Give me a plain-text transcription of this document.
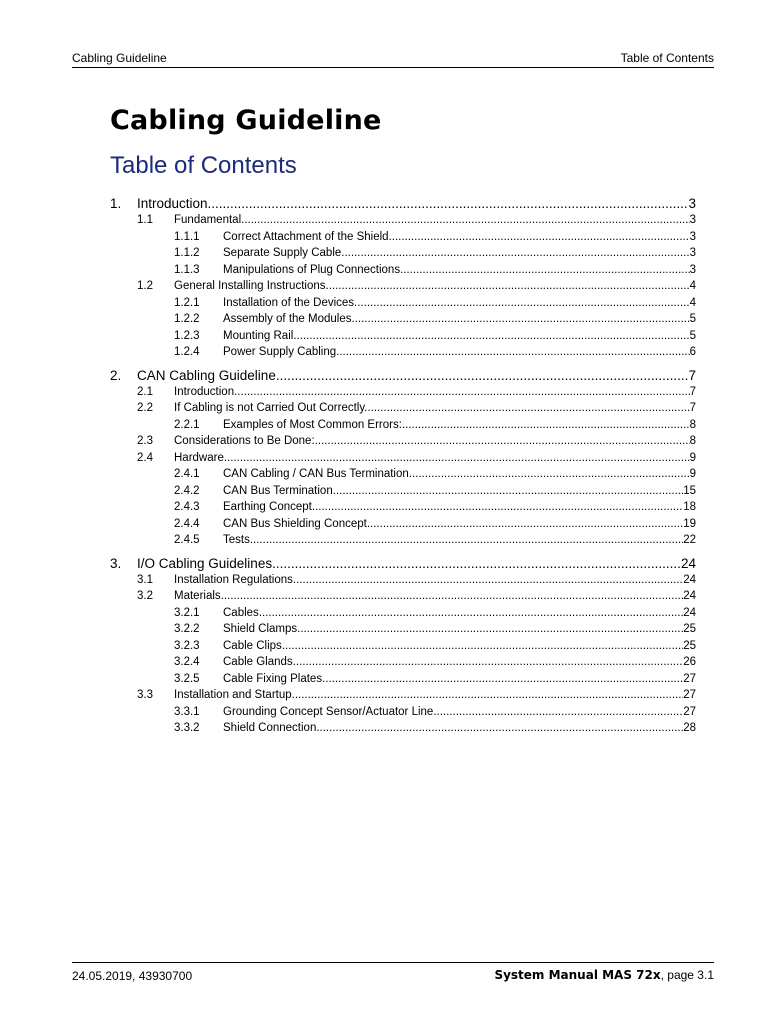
Cabling Guideline	Table of Contents
Cabling Guideline
Table of Contents
1.	Introduction .....	3
1.1	Fundamental .....	3
1.1.1	Correct Attachment of the Shield .....	3
1.1.2	Separate Supply Cable .....	3
1.1.3	Manipulations of Plug Connections .....	3
1.2	General Installing Instructions .....	4
1.2.1	Installation of the Devices .....	4
1.2.2	Assembly of the Modules .....	5
1.2.3	Mounting Rail .....	5
1.2.4	Power Supply Cabling .....	6
2.	CAN Cabling Guideline .....	7
2.1	Introduction .....	7
2.2	If Cabling is not Carried Out Correctly... .....	7
2.2.1	Examples of Most Common Errors: .....	8
2.3	Considerations to Be Done: .....	8
2.4	Hardware .....	9
2.4.1	CAN Cabling / CAN Bus Termination .....	9
2.4.2	CAN Bus Termination .....	15
2.4.3	Earthing Concept .....	18
2.4.4	CAN Bus Shielding Concept .....	19
2.4.5	Tests .....	22
3.	I/O Cabling Guidelines .....	24
3.1	Installation Regulations .....	24
3.2	Materials .....	24
3.2.1	Cables .....	24
3.2.2	Shield Clamps .....	25
3.2.3	Cable Clips .....	25
3.2.4	Cable Glands .....	26
3.2.5	Cable Fixing Plates .....	27
3.3	Installation and Startup .....	27
3.3.1	Grounding Concept Sensor/Actuator Line .....	27
3.3.2	Shield Connection .....	28
24.05.2019, 43930700	System Manual MAS 72x, page 3.1
